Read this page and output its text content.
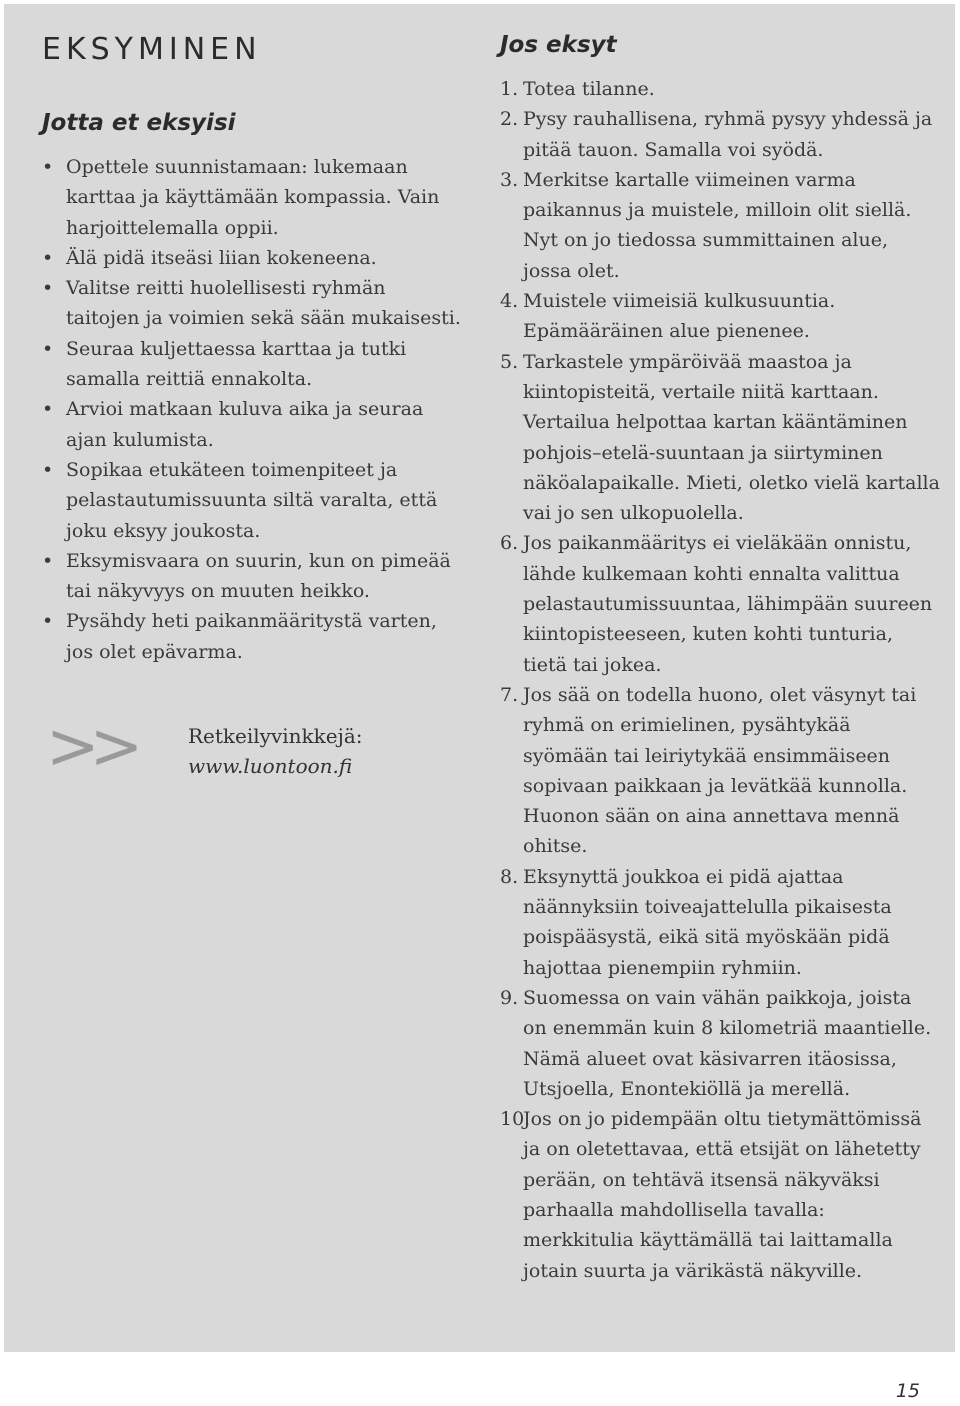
EKSYMINEN
Jotta et eksyisi
• Opettele suunnistamaan: lukemaan karttaa ja käyttämään kompassia. Vain harjoittelemalla oppii.
• Älä pidä itseäsi liian kokeneena.
• Valitse reitti huolellisesti ryhmän taitojen ja voimien sekä sään mukaisesti.
• Seuraa kuljettaessa karttaa ja tutki samalla reittiä ennakolta.
• Arvioi matkaan kuluva aika ja seuraa ajan kulumista.
• Sopikaa etukäteen toimenpiteet ja pelastautumissuunta siltä varalta, että joku eksyy joukosta.
• Eksymisvaara on suurin, kun on pimeää tai näkyvyys on muuten heikko.
• Pysähdy heti paikanmääritystä varten, jos olet epävarma.
>>	Retkeilyvinkkejä:
www.luontoon.fi
Jos eksyt
1. Totea tilanne.
2. Pysy rauhallisena, ryhmä pysyy yhdessä ja pitää tauon. Samalla voi syödä.
3. Merkitse kartalle viimeinen varma paikannus ja muistele, milloin olit siellä. Nyt on jo tiedossa summittainen alue, jossa olet.
4. Muistele viimeisiä kulkusuuntia. Epämääräinen alue pienenee.
5. Tarkastele ympäröivää maastoa ja kiintopisteitä, vertaile niitä karttaan. Vertailua helpottaa kartan kääntäminen pohjois–etelä-suuntaan ja siirtyminen näköalapaikalle. Mieti, oletko vielä kartalla vai jo sen ulkopuolella.
6. Jos paikanmääritys ei vieläkään onnistu, lähde kulkemaan kohti ennalta valittua pelastautumissuuntaa, lähimpään suureen kiintopisteeseen, kuten kohti tunturia, tietä tai jokea.
7. Jos sää on todella huono, olet väsynyt tai ryhmä on erimielinen, pysähtykää syömään tai leiriytykää ensimmäiseen sopivaan paikkaan ja levätkää kunnolla. Huonon sään on aina annettava mennä ohitse.
8. Eksynyttä joukkoa ei pidä ajattaa näännyksiin toiveajattelulla pikaisesta poispääsystä, eikä sitä myöskään pidä hajottaa pienempiin ryhmiin.
9. Suomessa on vain vähän paikkoja, joista on enemmän kuin 8 kilometriä maantielle. Nämä alueet ovat käsivarren itäosissa, Utsjoella, Enontekiöllä ja merellä.
10.
Jos on jo pidempään oltu tietymättömissä ja on oletettavaa, että etsijät on lähetetty perään, on tehtävä itsensä näkyväksi parhaalla mahdollisella tavalla: merkkitulia käyttämällä tai laittamalla jotain suurta ja värikästä näkyville.
15
